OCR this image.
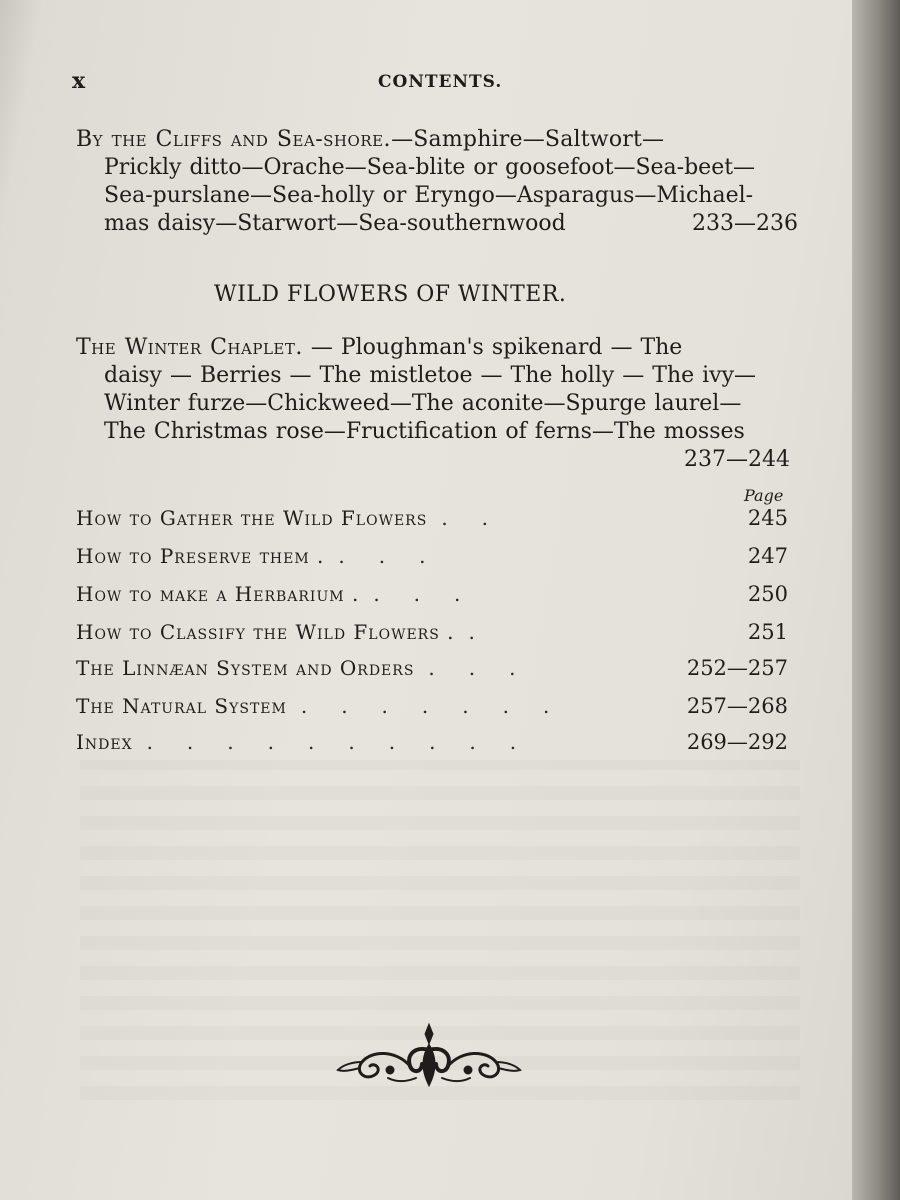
x	CONTENTS.
By the Cliffs and Sea-shore.—Samphire—Saltwort—
Prickly ditto—Orache—Sea-blite or goosefoot—Sea-beet—
Sea-purslane—Sea-holly or Eryngo—Asparagus—Michael-
mas daisy—Starwort—Sea-southernwood	233—236
WILD FLOWERS OF WINTER.
The Winter Chaplet. — Ploughman's spikenard — The
daisy — Berries — The mistletoe — The holly — The ivy—
Winter furze—Chickweed—The aconite—Spurge laurel—
The Christmas rose—Fructification of ferns—The mosses
237—244
Page
How to Gather the Wild Flowers ..	245
How to Preserve them . ...	247
How to make a Herbarium . ...	250
How to Classify the Wild Flowers . .	251
The Linnæan System and Orders ...	252—257
The Natural System .......	257—268
Index ..........	269—292
